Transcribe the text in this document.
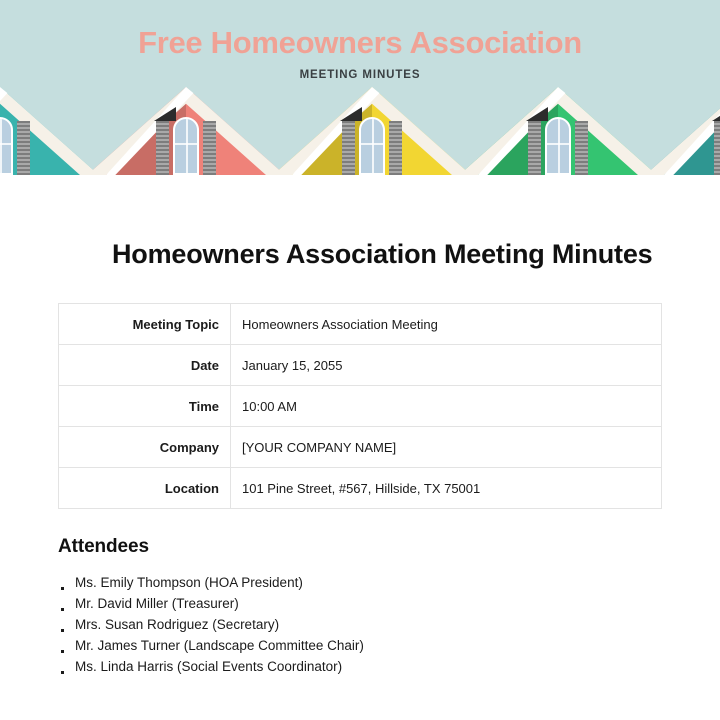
Free Homeowners Association
MEETING MINUTES
Homeowners Association Meeting Minutes
Meeting Topic	Homeowners Association Meeting
Date	January 15, 2055
Time	10:00 AM
Company	[YOUR COMPANY NAME]
Location	101 Pine Street, #567, Hillside, TX 75001
Attendees
Ms. Emily Thompson (HOA President)
Mr. David Miller (Treasurer)
Mrs. Susan Rodriguez (Secretary)
Mr. James Turner (Landscape Committee Chair)
Ms. Linda Harris (Social Events Coordinator)
